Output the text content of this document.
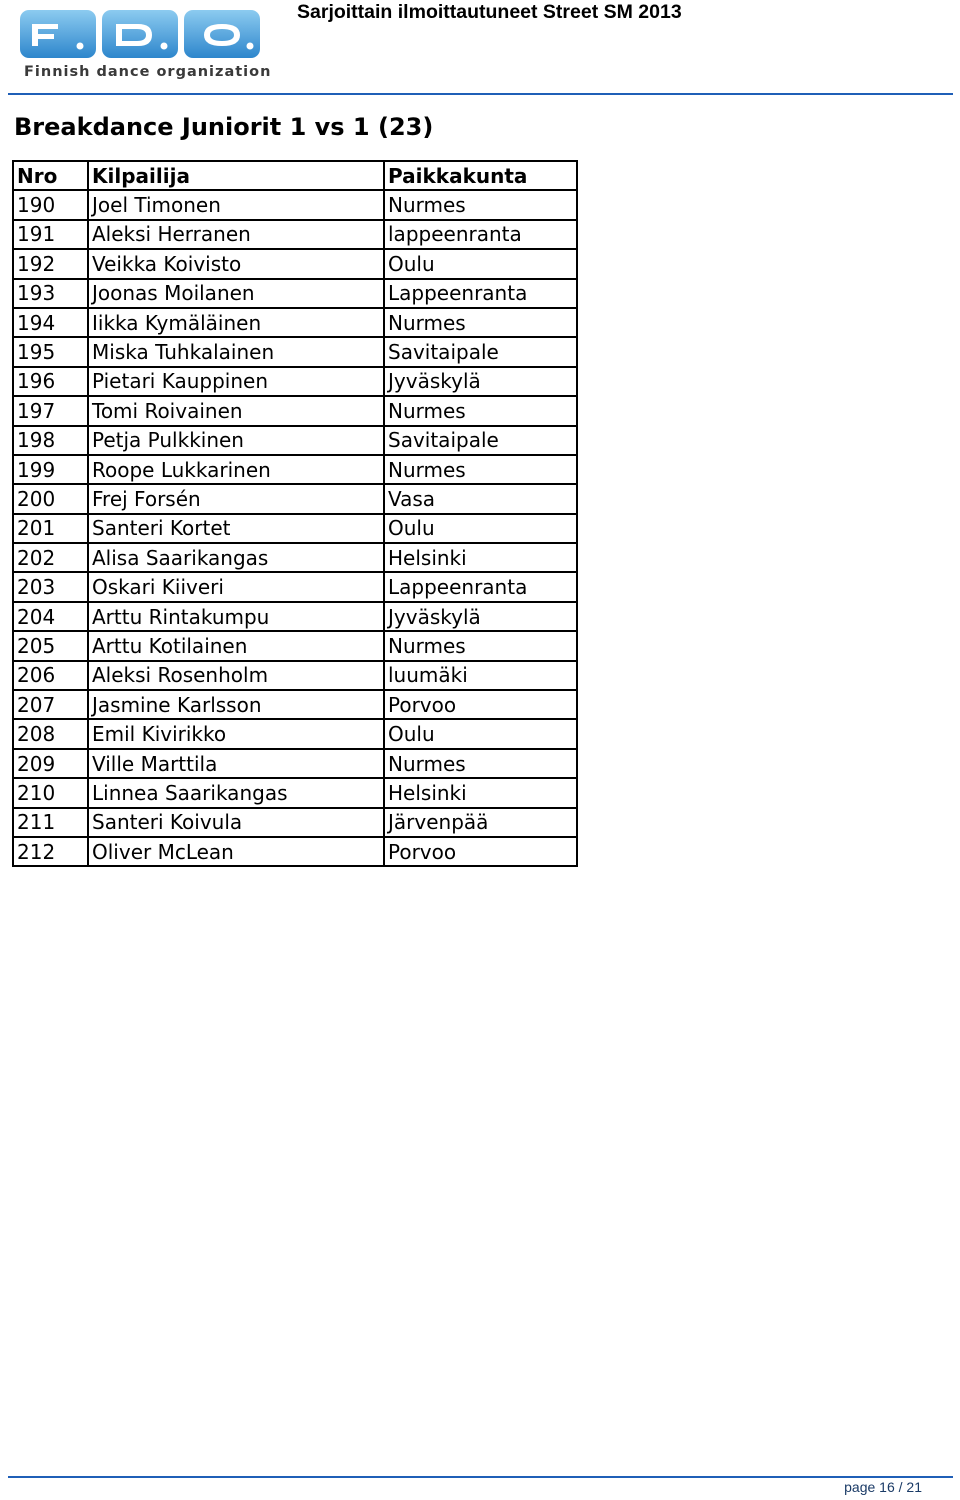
Finnish dance organization
Sarjoittain ilmoittautuneet Street SM 2013
Breakdance Juniorit 1 vs 1 (23)
Nro	Kilpailija	Paikkakunta
190	Joel Timonen	Nurmes
191	Aleksi Herranen	lappeenranta
192	Veikka Koivisto	Oulu
193	Joonas Moilanen	Lappeenranta
194	Iikka Kymäläinen	Nurmes
195	Miska Tuhkalainen	Savitaipale
196	Pietari Kauppinen	Jyväskylä
197	Tomi Roivainen	Nurmes
198	Petja Pulkkinen	Savitaipale
199	Roope Lukkarinen	Nurmes
200	Frej Forsén	Vasa
201	Santeri Kortet	Oulu
202	Alisa Saarikangas	Helsinki
203	Oskari Kiiveri	Lappeenranta
204	Arttu Rintakumpu	Jyväskylä
205	Arttu Kotilainen	Nurmes
206	Aleksi Rosenholm	luumäki
207	Jasmine Karlsson	Porvoo
208	Emil Kivirikko	Oulu
209	Ville Marttila	Nurmes
210	Linnea Saarikangas	Helsinki
211	Santeri Koivula	Järvenpää
212	Oliver McLean	Porvoo
page 16 / 21
